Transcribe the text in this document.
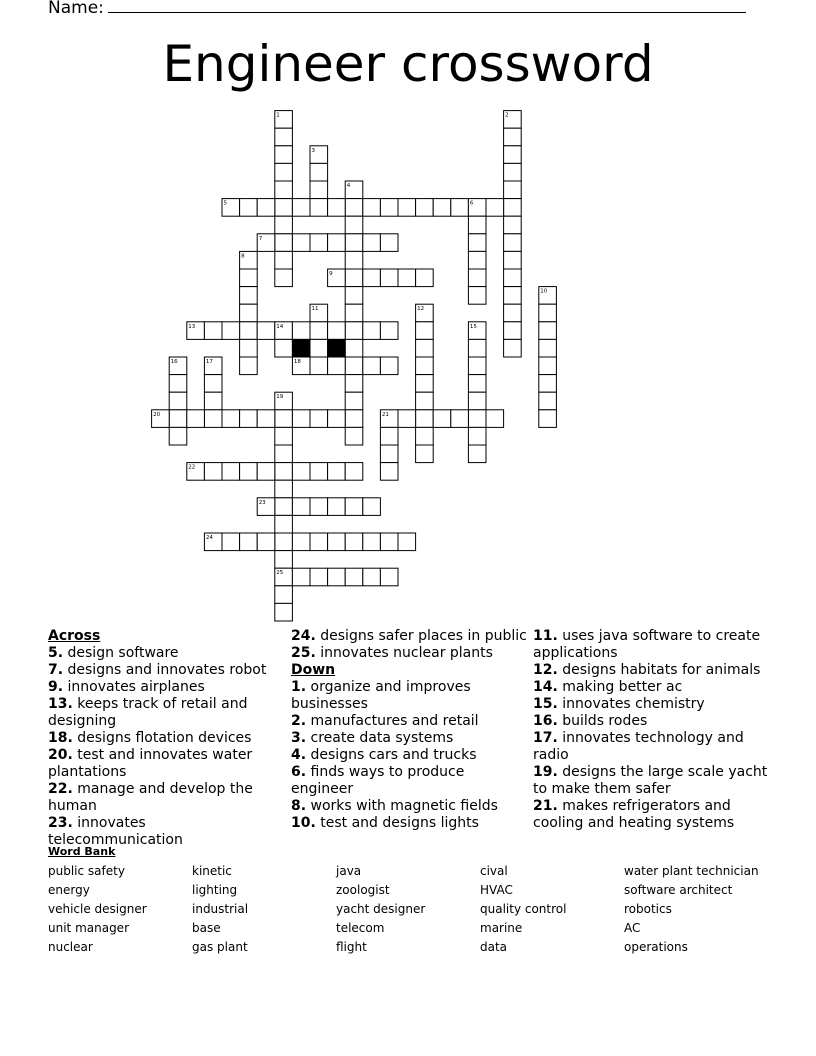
Name:
Engineer crossword
1	2
3
4
5	6
7
8
9
10
11	12
13	14	15
16	17	18
19
20	21
22
23
24
25
Across
5. design software
7. designs and innovates robot
9. innovates airplanes
13. keeps track of retail and designing
18. designs flotation devices
20. test and innovates water plantations
22. manage and develop the human
23. innovates telecommunication
24. designs safer places in public
25. innovates nuclear plants
Down
1. organize and improves businesses
2. manufactures and retail
3. create data systems
4. designs cars and trucks
6. finds ways to produce engineer
8. works with magnetic fields
10. test and designs lights
11. uses java software to create applications
12. designs habitats for animals
14. making better ac
15. innovates chemistry
16. builds rodes
17. innovates technology and radio
19. designs the large scale yacht to make them safer
21. makes refrigerators and cooling and heating systems
Word Bank
public safety
energy
vehicle designer
unit manager
nuclear
kinetic
lighting
industrial
base
gas plant
java
zoologist
yacht designer
telecom
flight
cival
HVAC
quality control
marine
data
water plant technician
software architect
robotics
AC
operations
